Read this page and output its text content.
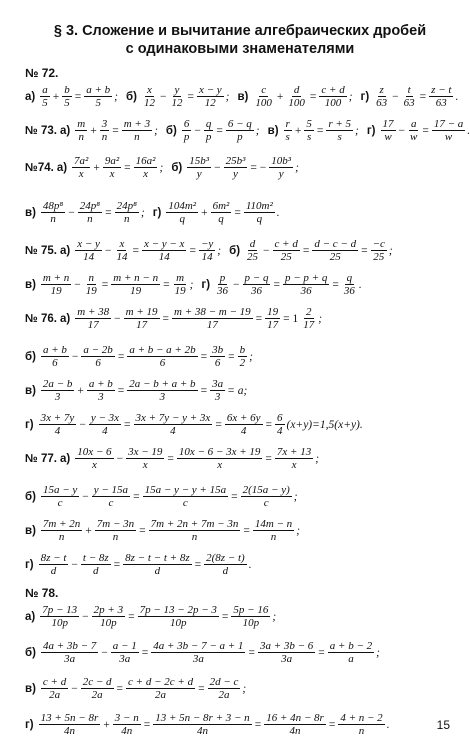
§ 3. Сложение и вычитание алгебраических дробей
с одинаковыми знаменателями
№ 72.
№ 78.
$а) \frac{a}{5} + \frac{b}{5} = \frac{a + b}{5}$ ; $б) \frac{x}{12} - \frac{y}{12} = \frac{x - y}{12}$ ; $в) \frac{c}{100} + \frac{d}{100} = \frac{c + d}{100}$ ; $г) \frac{z}{63} - \frac{t}{63} = \frac{z - t}{63}$ .
№ 73. $а) \frac{m}{n} + \frac{3}{n} = \frac{m + 3}{n}$ ; $б) \frac{6}{p} - \frac{q}{p} = \frac{6 - q}{p}$ ; $в) \frac{r}{s} + \frac{5}{s} = \frac{r + 5}{s}$ ; $г) \frac{17}{w} - \frac{a}{w} = \frac{17 - a}{w}$ .
№74. $а) \frac{\text{7a²}}{x} + \frac{\text{9a²}}{x} = \frac{\text{16a²}}{x}$ ; $б) \frac{\text{15b³}}{y} - \frac{\text{25b³}}{y}$ = − $\frac{\text{10b³}}{y}$ ;
$в) \frac{\text{48p⁸}}{n} - \frac{\text{24p⁸}}{n} = \frac{\text{24p⁸}}{n}$ ; $г) \frac{\text{104m²}}{q} + \frac{\text{6m²}}{q} = \frac{\text{110m²}}{q}$ .
№ 75. $а) \frac{x - y}{14} - \frac{x}{14} = \frac{x - y - x}{14} = \frac{-y}{14}$ ; $б) \frac{d}{25} - \frac{c + d}{25} = \frac{d - c - d}{25} = \frac{-c}{25}$ ;
$в) \frac{m + n}{19} - \frac{n}{19} = \frac{m + n - n}{19} = \frac{m}{19}$ ; $г) \frac{p}{36} - \frac{p - q}{36} = \frac{p - p + q}{36} = \frac{q}{36}$ .
№ 76. $а) \frac{m + 38}{17} - \frac{m + 19}{17} = \frac{m + 38 - m - 19}{17} = \frac{19}{17} = 1 \frac{2}{17}$ ;
$б) \frac{a + b}{6} - \frac{a - 2b}{6} = \frac{a + b - a + 2b}{6} = \frac{3b}{6} = \frac{b}{2}$ ;
$в) \frac{2a - b}{3} + \frac{a + b}{3} = \frac{2a - b + a + b}{3} = \frac{3a}{3} = a$;
$г) \frac{3x + 7y}{4} - \frac{y - 3x}{4} = \frac{3x + 7y - y + 3x}{4} = \frac{6x + 6y}{4} = \frac{6}{4} (x+y)=1,5(x+y)$.
№ 77. $а) \frac{10x - 6}{x} - \frac{3x - 19}{x} = \frac{10x - 6 - 3x + 19}{x} = \frac{7x + 13}{x}$ ;
$б) \frac{15a - y}{c} - \frac{y - 15a}{c} = \frac{15a - y - y + 15a}{c} = \frac{2(15a - y)}{c}$ ;
$в) \frac{7m + 2n}{n} + \frac{7m - 3n}{n} = \frac{7m + 2n + 7m - 3n}{n} = \frac{14m - n}{n}$ ;
$г) \frac{8z - t}{d} - \frac{t - 8z}{d} = \frac{8z - t - t + 8z}{d} = \frac{2(8z - t)}{d}$ .
$а) \frac{7p - 13}{10p} - \frac{2p + 3}{10p} = \frac{7p - 13 - 2p - 3}{10p} = \frac{5p - 16}{10p}$ ;
$б) \frac{4a + 3b - 7}{3a} - \frac{a - 1}{3a} = \frac{4a + 3b - 7 - a + 1}{3a} = \frac{3a + 3b - 6}{3a} = \frac{a + b - 2}{a}$ ;
$в) \frac{c + d}{2a} - \frac{2c - d}{2a} = \frac{c + d - 2c + d}{2a} = \frac{2d - c}{2a}$ ;
$г) \frac{13 + 5n - 8r}{4n} + \frac{3 - n}{4n} = \frac{13 + 5n - 8r + 3 - n}{4n} = \frac{16 + 4n - 8r}{4n} = \frac{4 + n - 2}{n}$ .	15
